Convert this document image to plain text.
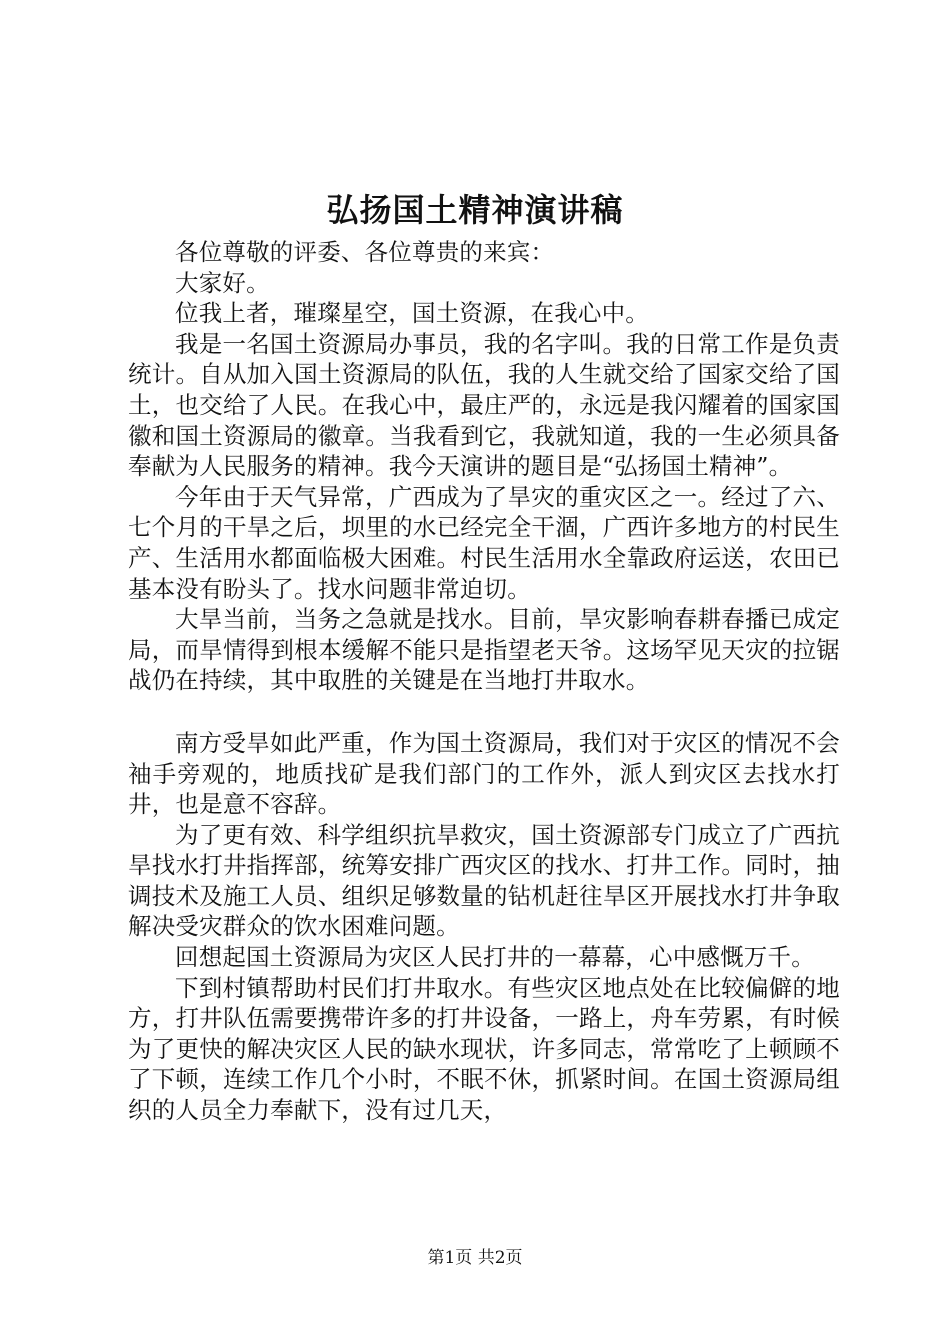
弘扬国土精神演讲稿

各位尊敬的评委、各位尊贵的来宾：

大家好。

位我上者，璀璨星空，国土资源，在我心中。

我是一名国土资源局办事员，我的名字叫。我的日常工作是负责统计。自从加入国土资源局的队伍，我的人生就交给了国家交给了国土，也交给了人民。在我心中，最庄严的，永远是我闪耀着的国家国徽和国土资源局的徽章。当我看到它，我就知道，我的一生必须具备奉献为人民服务的精神。我今天演讲的题目是“弘扬国土精神”。

今年由于天气异常，广西成为了旱灾的重灾区之一。经过了六、七个月的干旱之后，坝里的水已经完全干涸，广西许多地方的村民生产、生活用水都面临极大困难。村民生活用水全靠政府运送，农田已基本没有盼头了。找水问题非常迫切。

大旱当前，当务之急就是找水。目前，旱灾影响春耕春播已成定局，而旱情得到根本缓解不能只是指望老天爷。这场罕见天灾的拉锯战仍在持续，其中取胜的关键是在当地打井取水。

南方受旱如此严重，作为国土资源局，我们对于灾区的情况不会袖手旁观的，地质找矿是我们部门的工作外，派人到灾区去找水打井，也是意不容辞。

为了更有效、科学组织抗旱救灾，国土资源部专门成立了广西抗旱找水打井指挥部，统筹安排广西灾区的找水、打井工作。同时，抽调技术及施工人员、组织足够数量的钻机赶往旱区开展找水打井争取解决受灾群众的饮水困难问题。

回想起国土资源局为灾区人民打井的一幕幕，心中感慨万千。

下到村镇帮助村民们打井取水。有些灾区地点处在比较偏僻的地方，打井队伍需要携带许多的打井设备，一路上，舟车劳累，有时候为了更快的解决灾区人民的缺水现状，许多同志，常常吃了上顿顾不了下顿，连续工作几个小时，不眠不休，抓紧时间。在国土资源局组织的人员全力奉献下，没有过几天，

第1页 共2页
